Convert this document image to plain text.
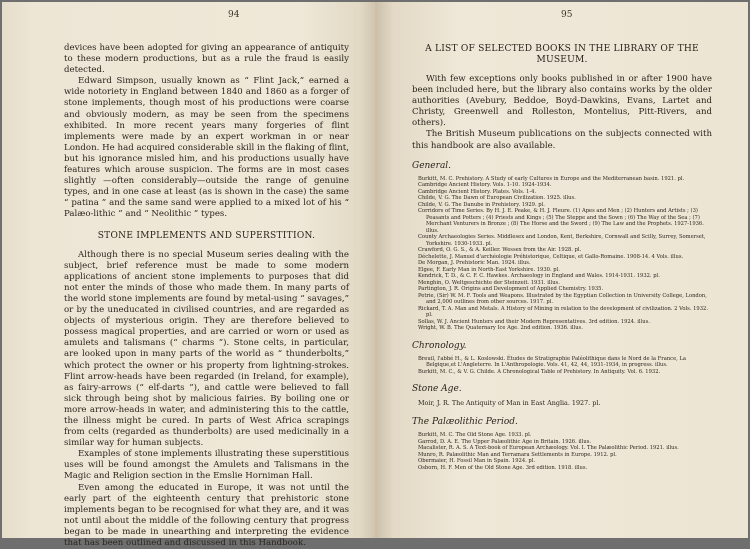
94	95

devices have been adopted for giving an appearance of antiquity to these modern productions, but as a rule the fraud is easily detected.

Edward Simpson, usually known as “ Flint Jack,” earned a wide notoriety in England between 1840 and 1860 as a forger of stone implements, though most of his productions were coarse and obviously modern, as may be seen from the specimens exhibited. In more recent years many forgeries of flint implements were made by an expert workman in or near London. He had acquired considerable skill in the flaking of flint, but his ignorance misled him, and his productions usually have features which arouse suspicion. The forms are in most cases slightly —often considerably—outside the range of genuine types, and in one case at least (as is shown in the case) the same “ patina ” and the same sand were applied to a mixed lot of his “ Palæo-lithic ” and “ Neolithic ” types.

STONE IMPLEMENTS AND SUPERSTITION.

Although there is no special Museum series dealing with the subject, brief reference must be made to some modern applications of ancient stone implements to purposes that did not enter the minds of those who made them. In many parts of the world stone implements are found by metal-using “ savages,” or by the uneducated in civilised countries, and are regarded as objects of mysterious origin. They are therefore believed to possess magical properties, and are carried or worn or used as amulets and talismans (“ charms ”). Stone celts, in particular, are looked upon in many parts of the world as “ thunderbolts,” which protect the owner or his property from lightning-strokes. Flint arrow-heads have been regarded (in Ireland, for example), as fairy-arrows (“ elf-darts ”), and cattle were believed to fall sick through being shot by malicious fairies. By boiling one or more arrow-heads in water, and administering this to the cattle, the illness might be cured. In parts of West Africa scrapings from celts (regarded as thunderbolts) are used medicinally in a similar way for human subjects.

Examples of stone implements illustrating these superstitious uses will be found amongst the Amulets and Talismans in the Magic and Religion section in the Emslie Horniman Hall.

Even among the educated in Europe, it was not until the early part of the eighteenth century that prehistoric stone implements began to be recognised for what they are, and it was not until about the middle of the following century that progress began to be made in unearthing and interpreting the evidence that has been outlined and discussed in this Handbook.

A LIST OF SELECTED BOOKS IN THE LIBRARY OF THE MUSEUM.

With few exceptions only books published in or after 1900 have been included here, but the library also contains works by the older authorities (Avebury, Beddoe, Boyd-Dawkins, Evans, Lartet and Christy, Greenwell and Rolleston, Montelius, Pitt-Rivers, and others).

The British Museum publications on the subjects connected with this handbook are also available.

General.
Burkitt, M. C. Prehistory. A Study of early Cultures in Europe and the Mediterranean basin. 1921. pl.
Cambridge Ancient History. Vols. 1-10. 1924-1934.
Cambridge Ancient History. Plates. Vols. 1-4.
Childe, V. G. The Dawn of European Civilization. 1925. illus.
Childe, V. G. The Danube in Prehistory. 1929. pl.
Corridors of Time Series. By H. J. E. Peake, & H. J. Fleure. (1) Apes and Men ; (2) Hunters and Artists ; (3) Peasants and Potters ; (4) Priests and Kings ; (5) The Steppe and the Sown ; (6) The Way of the Sea ; (7) Merchant Venturers in Bronze ; (8) The Horse and the Sword ; (9) The Law and the Prophets. 1927-1936. illus.
County Archaeologies Series. Middlesex and London, Kent, Berkshire, Cornwall and Scilly, Surrey, Somerset, Yorkshire. 1930-1933. pl.
Crawford, O. G. S., & A. Keiller. Wessex from the Air. 1928. pl.
Déchelette, J. Manuel d'archéologie Préhistorique, Celtique, et Gallo-Romaine. 1908-14. 4 Vols. illus.
De Morgan, J. Prehistoric Man. 1924. illus.
Elgee, F. Early Man in North-East Yorkshire. 1930. pl.
Kendrick, T. D., & C. F. C. Hawkes. Archaeology in England and Wales. 1914-1931. 1932. pl.
Menghin, O. Weltgeschichte der Steinzeit. 1931. illus.
Partington, J. R. Origins and Development of Applied Chemistry. 1935.
Petrie, (Sir) W. M. F. Tools and Weapons. Illustrated by the Egyptian Collection in University College, London, and 2,000 outlines from other sources. 1917. pl.
Rickard, T. A. Man and Metals. A History of Mining in relation to the development of civilization. 2 Vols. 1932. pl.
Sollas, W. J. Ancient Hunters and their Modern Representatives. 3rd edition. 1924. illus.
Wright, W. B. The Quaternary Ice Age. 2nd edition. 1936. illus.
Chronology.
Breuil, l'abbé H., & L. Koslowski. Études de Stratigraphie Paléolithique dans le Nord de la France, La Belgique,et L'Angleterre. In L'Anthropologie. Vols. 41, 42, 44, 1931-1934, in progress. illus.
Burkitt, M. C., & V. G. Childe. A Chronological Table of Prehistory. In Antiquity. Vol. 6. 1932.
Stone Age.
Moir, J. R. The Antiquity of Man in East Anglia. 1927. pl.
The Palæolithic Period.
Burkitt, M. C. The Old Stone Age. 1933. pl.
Garrod, D. A. E. The Upper Palæolithic Age in Britain. 1926. illus.
Macalister, R. A. S. A Text-book of European Archæology. Vol. I. The Palæolithic Period. 1921. illus.
Munro, R. Palæolithic Man and Terramara Settlements in Europe. 1912. pl.
Obermaier, H. Fossil Man in Spain. 1924. pl.
Osborn, H. F. Men of the Old Stone Age. 3rd edition. 1918. illus.
